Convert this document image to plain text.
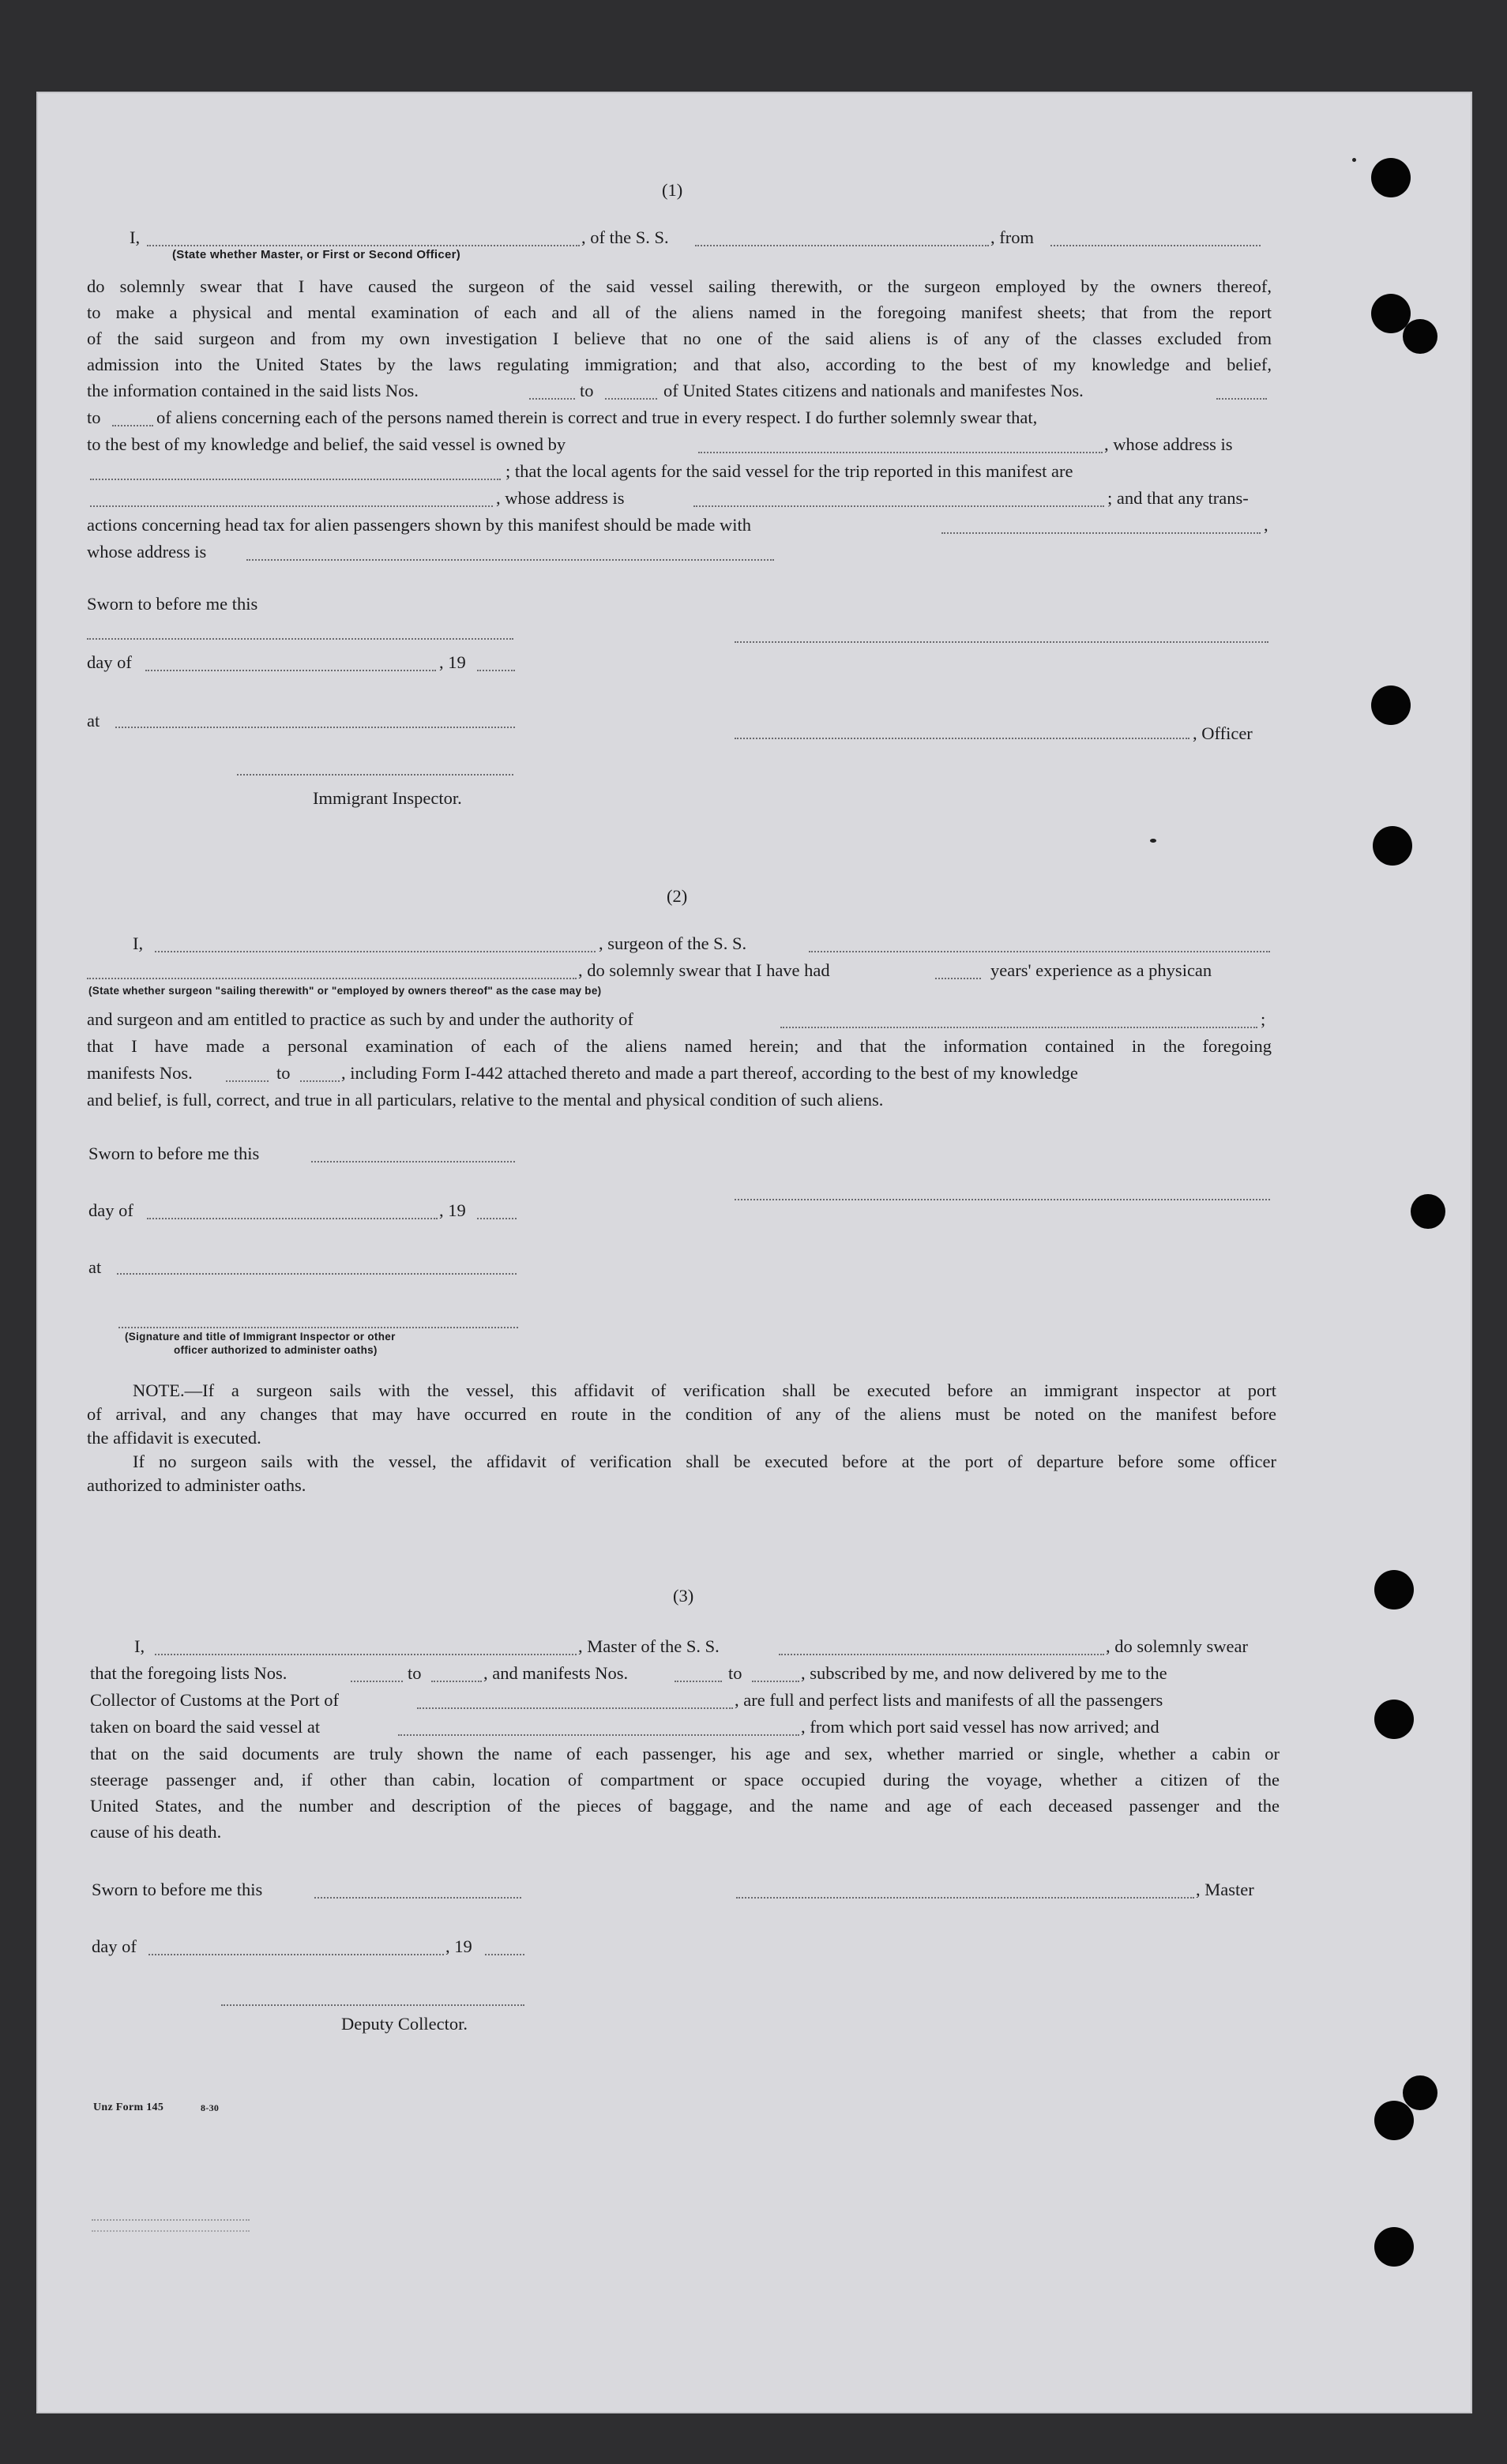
(1)
I,	, of the S. S.	, from
(State whether Master, or First or Second Officer)
do solemnly swear that I have caused the surgeon of the said vessel sailing therewith, or the surgeon employed by the owners thereof,
to make a physical and mental examination of each and all of the aliens named in the foregoing manifest sheets; that from the report
of the said surgeon and from my own investigation I believe that no one of the said aliens is of any of the classes excluded from
admission into the United States by the laws regulating immigration; and that also, according to the best of my knowledge and belief,
the information contained in the said lists Nos.	to	of United States citizens and nationals and manifestes Nos.
to	of aliens concerning each of the persons named therein is correct and true in every respect. I do further solemnly swear that,
to the best of my knowledge and belief, the said vessel is owned by	, whose address is
; that the local agents for the said vessel for the trip reported in this manifest are
, whose address is	; and that any trans-
actions concerning head tax for alien passengers shown by this manifest should be made with	,
whose address is
Sworn to before me this
day of	, 19
at
, Officer
Immigrant Inspector.
(2)
I,	, surgeon of the S. S.
, do solemnly swear that I have had	years' experience as a physican
(State whether surgeon "sailing therewith" or "employed by owners thereof" as the case may be)
and surgeon and am entitled to practice as such by and under the authority of	;
that I have made a personal examination of each of the aliens named herein; and that the information contained in the foregoing
manifests Nos.	to	, including Form I-442 attached thereto and made a part thereof, according to the best of my knowledge
and belief, is full, correct, and true in all particulars, relative to the mental and physical condition of such aliens.
Sworn to before me this
day of	, 19
at
(Signature and title of Immigrant Inspector or other
officer authorized to administer oaths)
NOTE.—If a surgeon sails with the vessel, this affidavit of verification shall be executed before an immigrant inspector at port
of arrival, and any changes that may have occurred en route in the condition of any of the aliens must be noted on the manifest before
the affidavit is executed.
If no surgeon sails with the vessel, the affidavit of verification shall be executed before at the port of departure before some officer
authorized to administer oaths.
(3)
I,	, Master of the S. S.	, do solemnly swear
that the foregoing lists Nos.	to	, and manifests Nos.	to	, subscribed by me, and now delivered by me to the
Collector of Customs at the Port of	, are full and perfect lists and manifests of all the passengers
taken on board the said vessel at	, from which port said vessel has now arrived; and
that on the said documents are truly shown the name of each passenger, his age and sex, whether married or single, whether a cabin or
steerage passenger and, if other than cabin, location of compartment or space occupied during the voyage, whether a citizen of the
United States, and the number and description of the pieces of baggage, and the name and age of each deceased passenger and the
cause of his death.
Sworn to before me this	, Master
day of	, 19
Deputy Collector.
Unz Form 145	8-30
